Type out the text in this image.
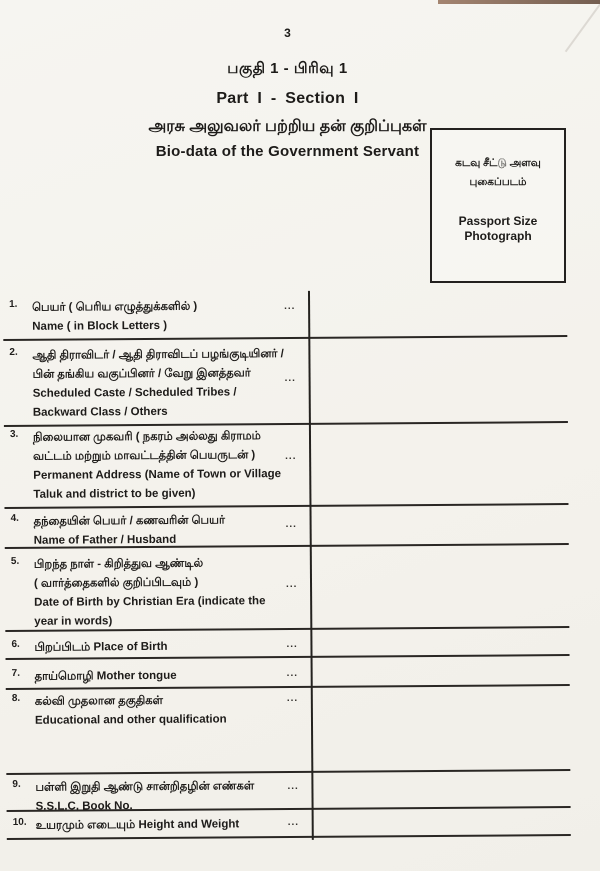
3
பகுதி 1 - பிரிவு 1
Part I - Section I
அரசு அலுவலர் பற்றிய தன் குறிப்புகள்
Bio-data of the Government Servant
கடவு சீட்டு அளவு
புகைப்படம்
Passport Size
Photograph
1.	பெயர் ( பெரிய எழுத்துக்களில் )
Name ( in Block Letters )
...
2.	ஆதி திராவிடர் / ஆதி திராவிடப் பழங்குடியினர் /
பின் தங்கிய வகுப்பினர் / வேறு இனத்தவர்
Scheduled Caste / Scheduled Tribes /
Backward Class / Others
...
3.	நிலையான முகவரி ( நகரம் அல்லது கிராமம்
வட்டம் மற்றும் மாவட்டத்தின் பெயருடன் )
Permanent Address (Name of Town or Village
Taluk and district to be given)
...
4.	தந்தையின் பெயர் / கணவரின் பெயர்
Name of Father / Husband
...
5.	பிறந்த நாள் - கிறித்துவ ஆண்டில்
( வார்த்தைகளில் குறிப்பிடவும் )
Date of Birth by Christian Era (indicate the
year in words)
...
6.	பிறப்பிடம் Place of Birth	...
7.	தாய்மொழி Mother tongue	...
8.	கல்வி முதலான தகுதிகள்
Educational and other qualification
...
9.	பள்ளி இறுதி ஆண்டு சான்றிதழின் எண்கள்
S.S.L.C. Book No.
...
10. உயரமும் எடையும் Height and Weight	...
